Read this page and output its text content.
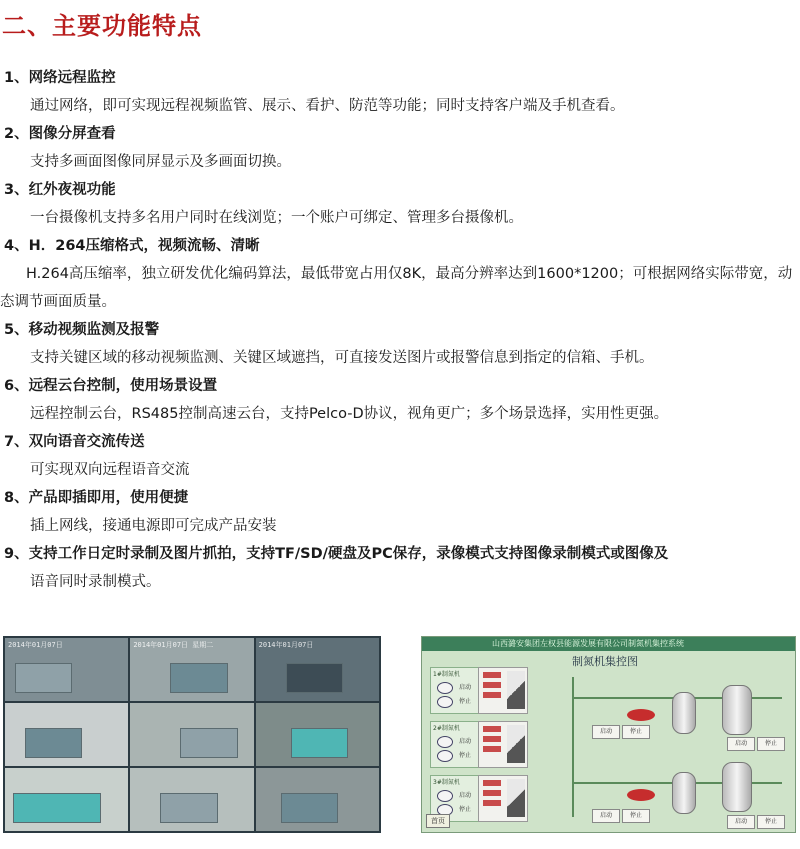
二、主要功能特点
1、网络远程监控
通过网络，即可实现远程视频监管、展示、看护、防范等功能；同时支持客户端及手机查看。
2、图像分屏查看
支持多画面图像同屏显示及多画面切换。
3、红外夜视功能
一台摄像机支持多名用户同时在线浏览；一个账户可绑定、管理多台摄像机。
4、H．264压缩格式，视频流畅、清晰
H.264高压缩率，独立研发优化编码算法，最低带宽占用仅8K，最高分辨率达到1600*1200；可根据网络实际带宽，动态调节画面质量。
5、移动视频监测及报警
支持关键区域的移动视频监测、关键区域遮挡，可直接发送图片或报警信息到指定的信箱、手机。
6、远程云台控制，使用场景设置
远程控制云台，RS485控制高速云台，支持Pelco-D协议，视角更广；多个场景选择，实用性更强。
7、双向语音交流传送
可实现双向远程语音交流
8、产品即插即用，使用便捷
插上网线，接通电源即可完成产品安装
9、支持工作日定时录制及图片抓拍，支持TF/SD/硬盘及PC保存，录像模式支持图像录制模式或图像及
语音同时录制模式。
2014年01月07日	2014年01月07日 星期二	2014年01月07日	山西潞安集团左权县能源发展有限公司制氮机集控系统
制氮机集控图
1#制氮机
启动
停止
2#制氮机
启动
停止
3#制氮机
启动
停止
启动	停止
启动	停止
启动	停止
启动	停止
首页
